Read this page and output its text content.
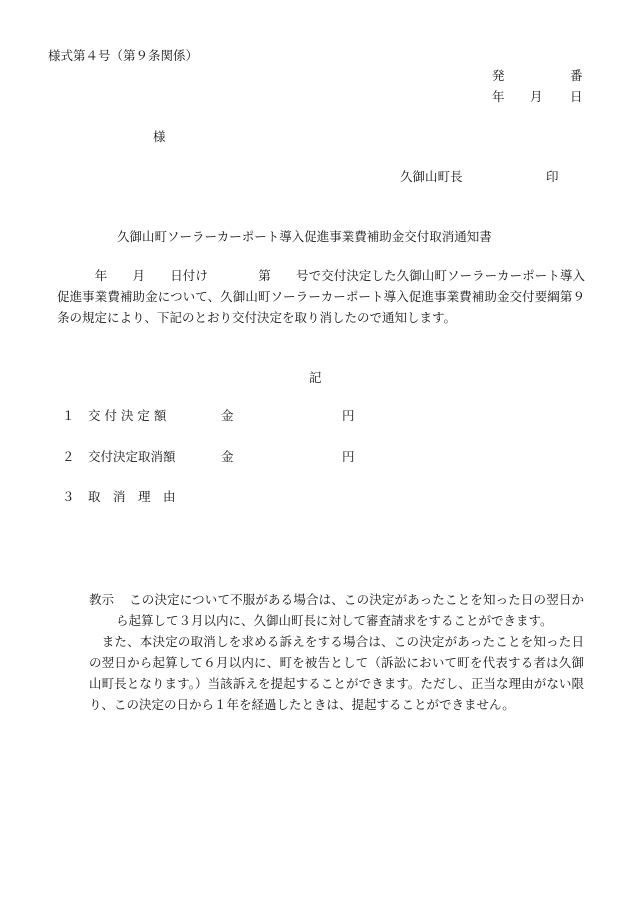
様式第４号（第９条関係）
発	番
年 月 日
様
久御山町長	印
久御山町ソーラーカーポート導入促進事業費補助金交付取消通知書

　　　年　　月　　日付け　　　　第　　号で交付決定した久御山町ソーラーカーポート導入促進事業費補助金について、久御山町ソーラーカーポート導入促進事業費補助金交付要綱第９条の規定により、下記のとおり交付決定を取り消したので通知します。

記
１ 交 付 決 定 額	金	円
２ 交付決定取消額	金	円
３ 取　消　理　由

教示 この決定について不服がある場合は、この決定があったことを知った日の翌日から起算して３月以内に、久御山町長に対して審査請求をすることができます。

　また、本決定の取消しを求める訴えをする場合は、この決定があったことを知った日の翌日から起算して６月以内に、町を被告として（訴訟において町を代表する者は久御山町長となります。）当該訴えを提起することができます。ただし、正当な理由がない限り、この決定の日から１年を経過したときは、提起することができません。
